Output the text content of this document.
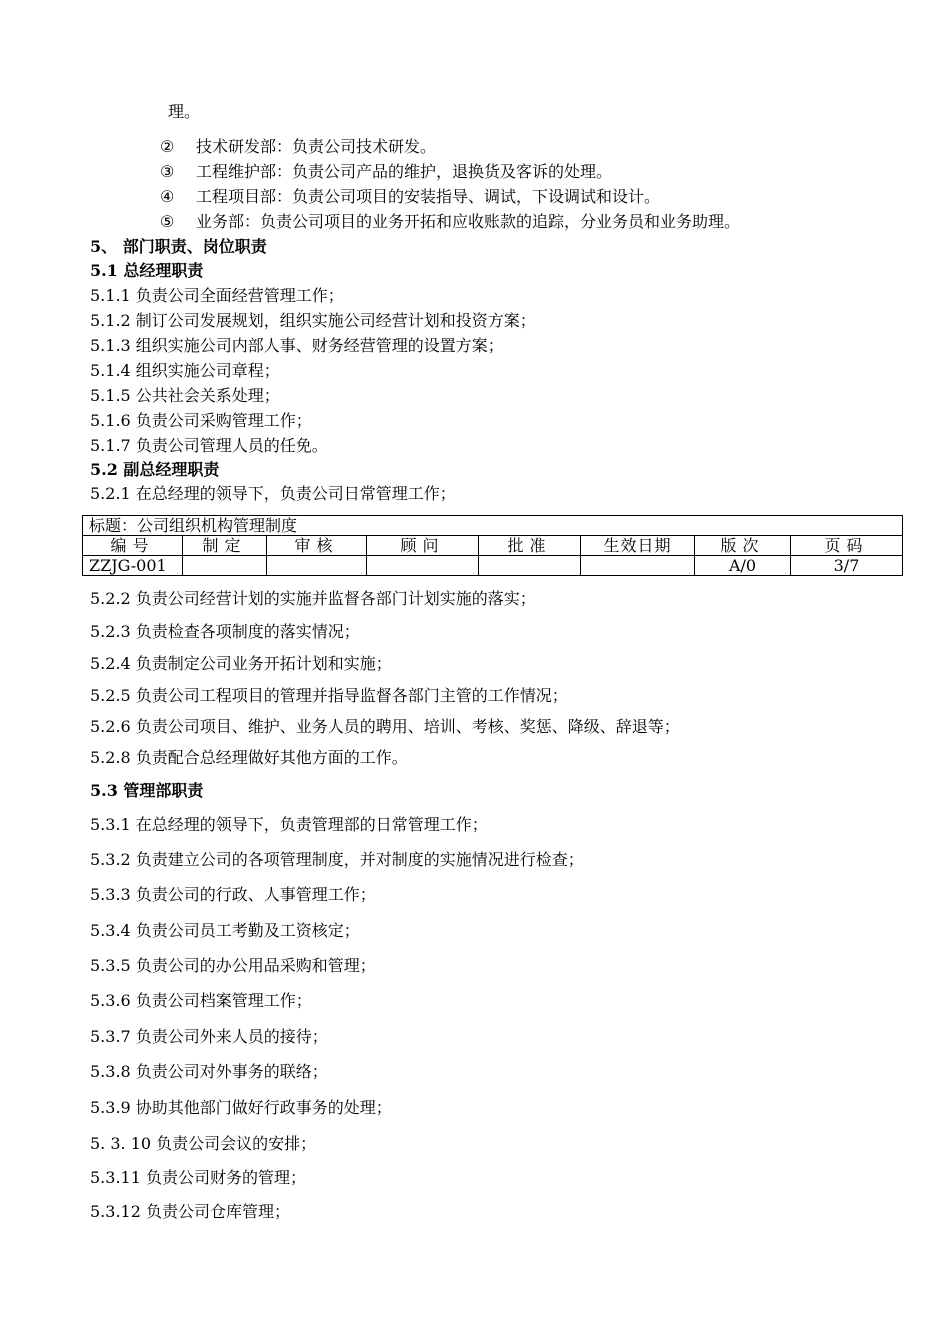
理。
② 技术研发部：负责公司技术研发。
③ 工程维护部：负责公司产品的维护，退换货及客诉的处理。
④ 工程项目部：负责公司项目的安装指导、调试，下设调试和设计。
⑤ 业务部：负责公司项目的业务开拓和应收账款的追踪，分业务员和业务助理。
5、 部门职责、岗位职责
5.1 总经理职责
5.1.1 负责公司全面经营管理工作；
5.1.2 制订公司发展规划，组织实施公司经营计划和投资方案；
5.1.3 组织实施公司内部人事、财务经营管理的设置方案；
5.1.4 组织实施公司章程；
5.1.5 公共社会关系处理；
5.1.6 负责公司采购管理工作；
5.1.7 负责公司管理人员的任免。
5.2 副总经理职责
5.2.1 在总经理的领导下，负责公司日常管理工作；
标题：公司组织机构管理制度							
编号	制定	审核	顾问	批准	生效日期	版次	页码
ZZJG-001						A/0	3/7
5.2.2 负责公司经营计划的实施并监督各部门计划实施的落实；
5.2.3 负责检查各项制度的落实情况；
5.2.4 负责制定公司业务开拓计划和实施；
5.2.5 负责公司工程项目的管理并指导监督各部门主管的工作情况；
5.2.6 负责公司项目、维护、业务人员的聘用、培训、考核、奖惩、降级、辞退等；
5.2.8 负责配合总经理做好其他方面的工作。
5.3 管理部职责
5.3.1 在总经理的领导下，负责管理部的日常管理工作；
5.3.2 负责建立公司的各项管理制度，并对制度的实施情况进行检查；
5.3.3 负责公司的行政、人事管理工作；
5.3.4 负责公司员工考勤及工资核定；
5.3.5 负责公司的办公用品采购和管理；
5.3.6 负责公司档案管理工作；
5.3.7 负责公司外来人员的接待；
5.3.8 负责公司对外事务的联络；
5.3.9 协助其他部门做好行政事务的处理；
5. 3. 10 负责公司会议的安排；
5.3.11 负责公司财务的管理；
5.3.12 负责公司仓库管理；
